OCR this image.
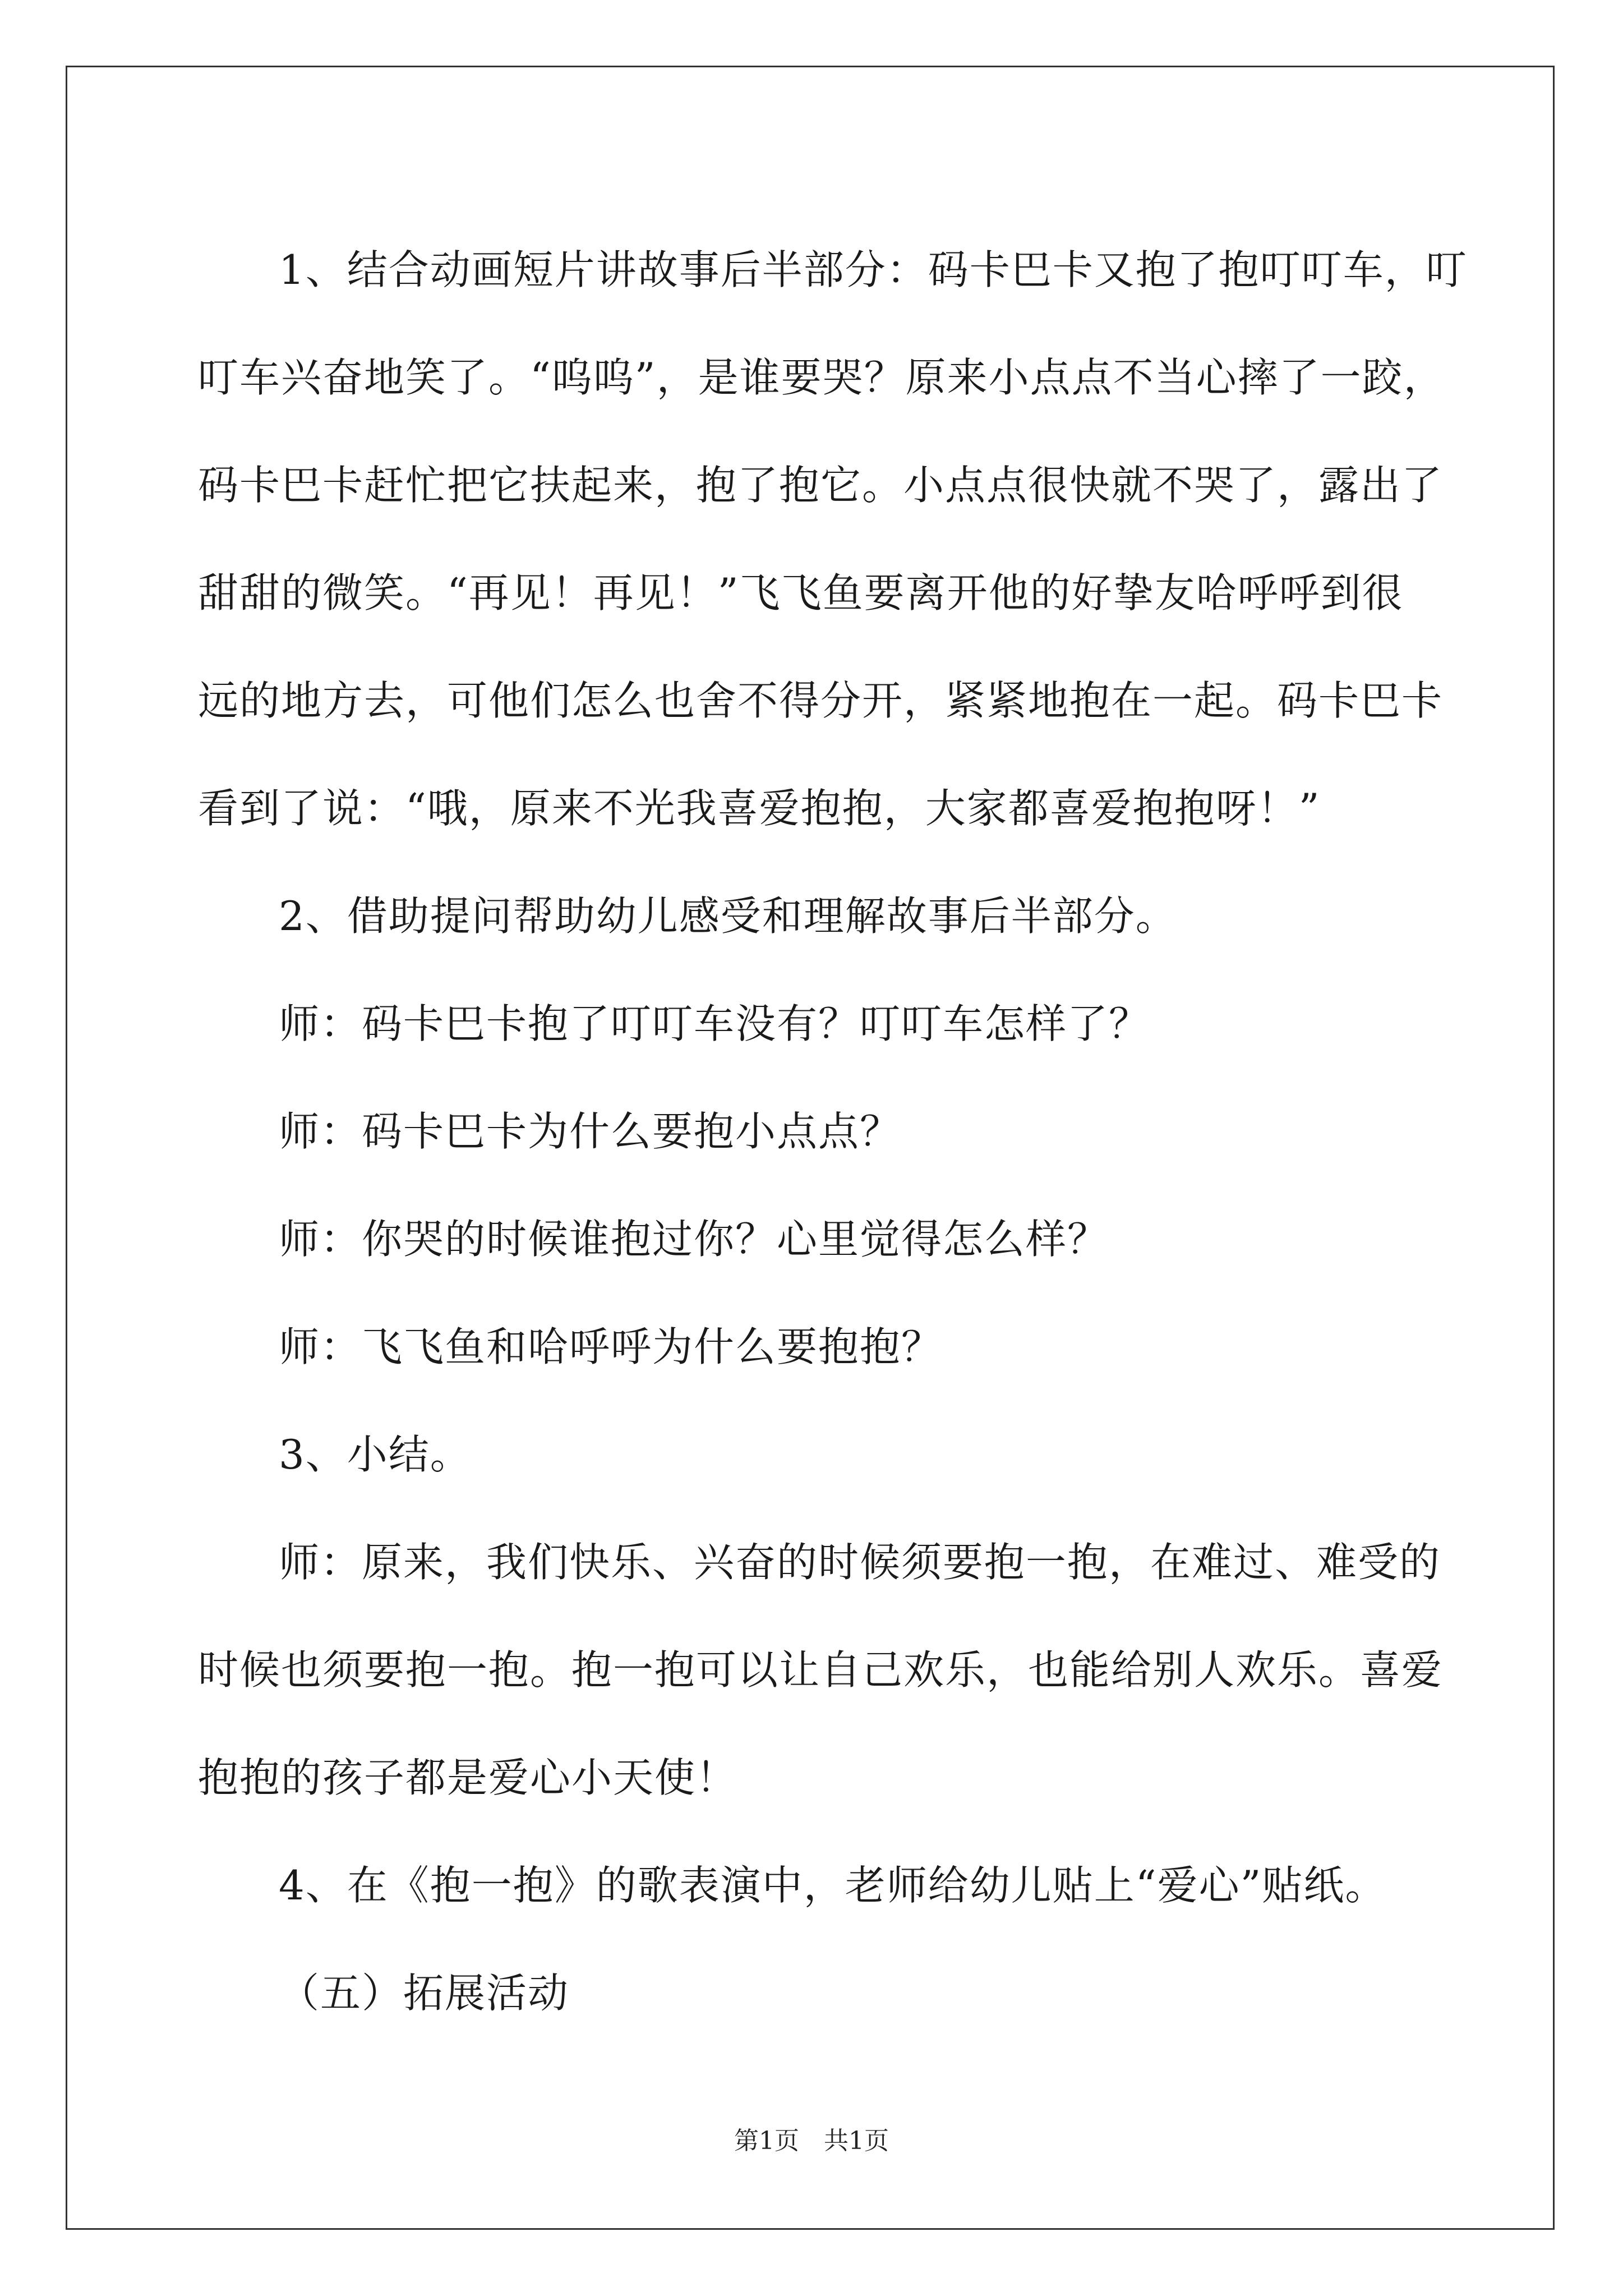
1、结合动画短片讲故事后半部分：码卡巴卡又抱了抱叮叮车，叮

叮车兴奋地笑了。“呜呜”，是谁要哭？原来小点点不当心摔了一跤，

码卡巴卡赶忙把它扶起来，抱了抱它。小点点很快就不哭了，露出了

甜甜的微笑。“再见！再见！”飞飞鱼要离开他的好挚友哈呼呼到很

远的地方去，可他们怎么也舍不得分开，紧紧地抱在一起。码卡巴卡

看到了说：“哦，原来不光我喜爱抱抱，大家都喜爱抱抱呀！”

2、借助提问帮助幼儿感受和理解故事后半部分。

师：码卡巴卡抱了叮叮车没有？叮叮车怎样了？

师：码卡巴卡为什么要抱小点点？

师：你哭的时候谁抱过你？心里觉得怎么样？

师：飞飞鱼和哈呼呼为什么要抱抱？

3、小结。

师：原来，我们快乐、兴奋的时候须要抱一抱，在难过、难受的

时候也须要抱一抱。抱一抱可以让自己欢乐，也能给别人欢乐。喜爱

抱抱的孩子都是爱心小天使！

4、在《抱一抱》的歌表演中，老师给幼儿贴上“爱心”贴纸。

（五）拓展活动

第1页　共1页
